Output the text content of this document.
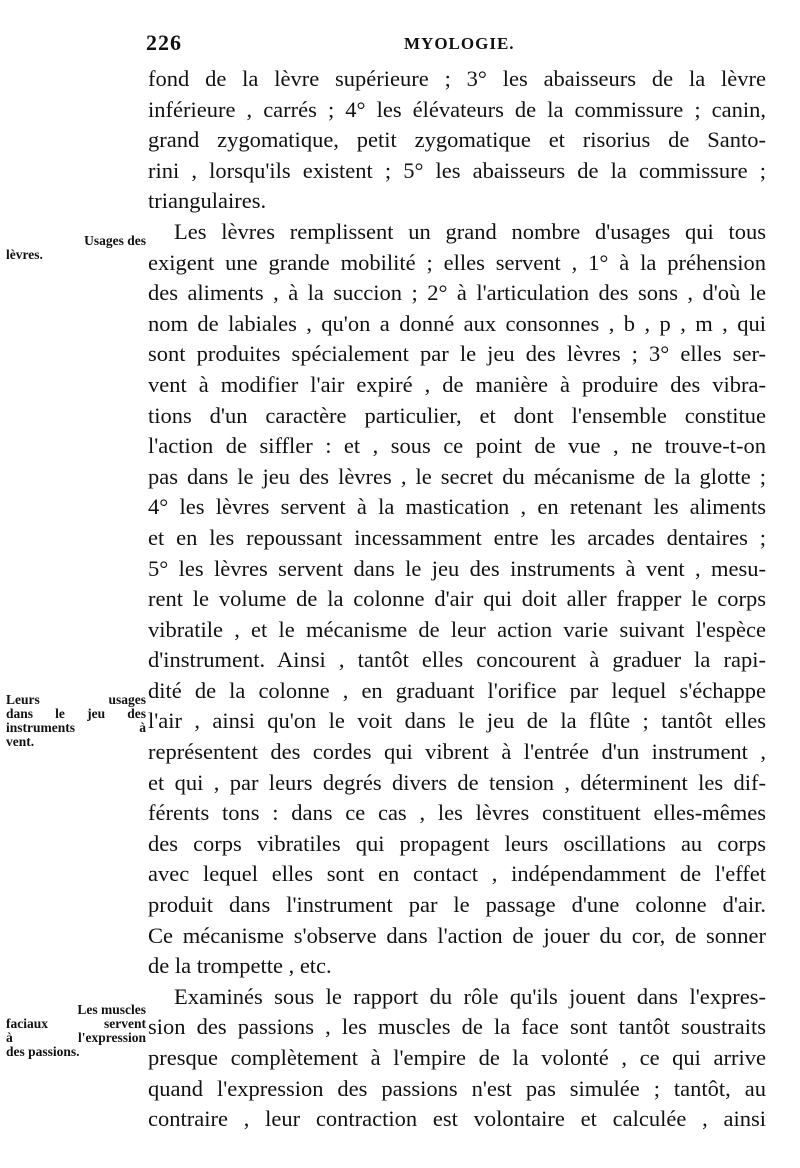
226	MYOLOGIE.
Usages des
lèvres.
Leurs usages
dans le jeu des
instruments à
vent.
Les muscles
faciaux servent
à l'expression
des passions.
fond de la lèvre supérieure ; 3° les abaisseurs de la lèvre
inférieure , carrés ; 4° les élévateurs de la commissure ; canin,
grand zygomatique, petit zygomatique et risorius de Santo-
rini , lorsqu'ils existent ; 5° les abaisseurs de la commissure ;
triangulaires.
Les lèvres remplissent un grand nombre d'usages qui tous
exigent une grande mobilité ; elles servent , 1° à la préhension
des aliments , à la succion ; 2° à l'articulation des sons , d'où le
nom de labiales , qu'on a donné aux consonnes , b , p , m , qui
sont produites spécialement par le jeu des lèvres ; 3° elles ser-
vent à modifier l'air expiré , de manière à produire des vibra-
tions d'un caractère particulier, et dont l'ensemble constitue
l'action de siffler : et , sous ce point de vue , ne trouve-t-on
pas dans le jeu des lèvres , le secret du mécanisme de la glotte ;
4° les lèvres servent à la mastication , en retenant les aliments
et en les repoussant incessamment entre les arcades dentaires ;
5° les lèvres servent dans le jeu des instruments à vent , mesu-
rent le volume de la colonne d'air qui doit aller frapper le corps
vibratile , et le mécanisme de leur action varie suivant l'espèce
d'instrument. Ainsi , tantôt elles concourent à graduer la rapi-
dité de la colonne , en graduant l'orifice par lequel s'échappe
l'air , ainsi qu'on le voit dans le jeu de la flûte ; tantôt elles
représentent des cordes qui vibrent à l'entrée d'un instrument ,
et qui , par leurs degrés divers de tension , déterminent les dif-
férents tons : dans ce cas , les lèvres constituent elles-mêmes
des corps vibratiles qui propagent leurs oscillations au corps
avec lequel elles sont en contact , indépendamment de l'effet
produit dans l'instrument par le passage d'une colonne d'air.
Ce mécanisme s'observe dans l'action de jouer du cor, de sonner
de la trompette , etc.
Examinés sous le rapport du rôle qu'ils jouent dans l'expres-
sion des passions , les muscles de la face sont tantôt soustraits
presque complètement à l'empire de la volonté , ce qui arrive
quand l'expression des passions n'est pas simulée ; tantôt, au
contraire , leur contraction est volontaire et calculée , ainsi
